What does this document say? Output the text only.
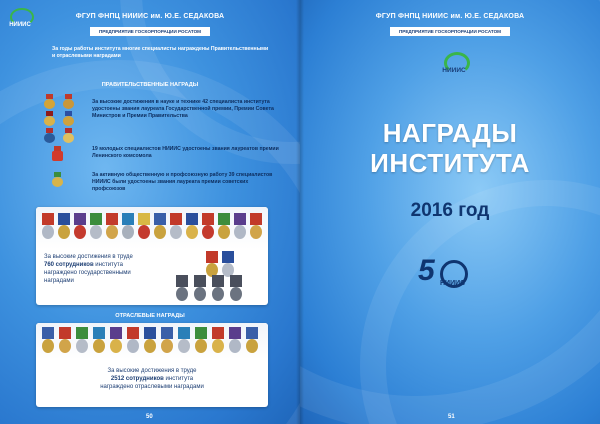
НИИИС
ФГУП ФНПЦ НИИИС им. Ю.Е. СЕДАКОВА
ПРЕДПРИЯТИЕ ГОСКОРПОРАЦИИ РОСАТОМ
За годы работы института многие специалисты награждены Правительственными и отраслевыми наградами
ПРАВИТЕЛЬСТВЕННЫЕ НАГРАДЫ
За высокие достижения в науке и технике 42 специалиста института удостоены звания лауреата Государственной премии, Премии Совета Министров и Премии Правительства
19 молодых специалистов НИИИС удостоены звания лауреатов премии Ленинского комсомола
За активную общественную и профсоюзную работу 39 специалистов НИИИС были удостоены звания лауреата премии советских профсоюзов
За высокие достижения в труде
760 сотрудников института
награждено государственными
наградами
ОТРАСЛЕВЫЕ НАГРАДЫ
За высокие достижения в труде
2512 сотрудников института
награждено отраслевыми наградами
50
ФГУП ФНПЦ НИИИС им. Ю.Е. СЕДАКОВА
ПРЕДПРИЯТИЕ ГОСКОРПОРАЦИИ РОСАТОМ
НИИИС
НАГРАДЫ
ИНСТИТУТА
2016 год
5 НИИИС
51
